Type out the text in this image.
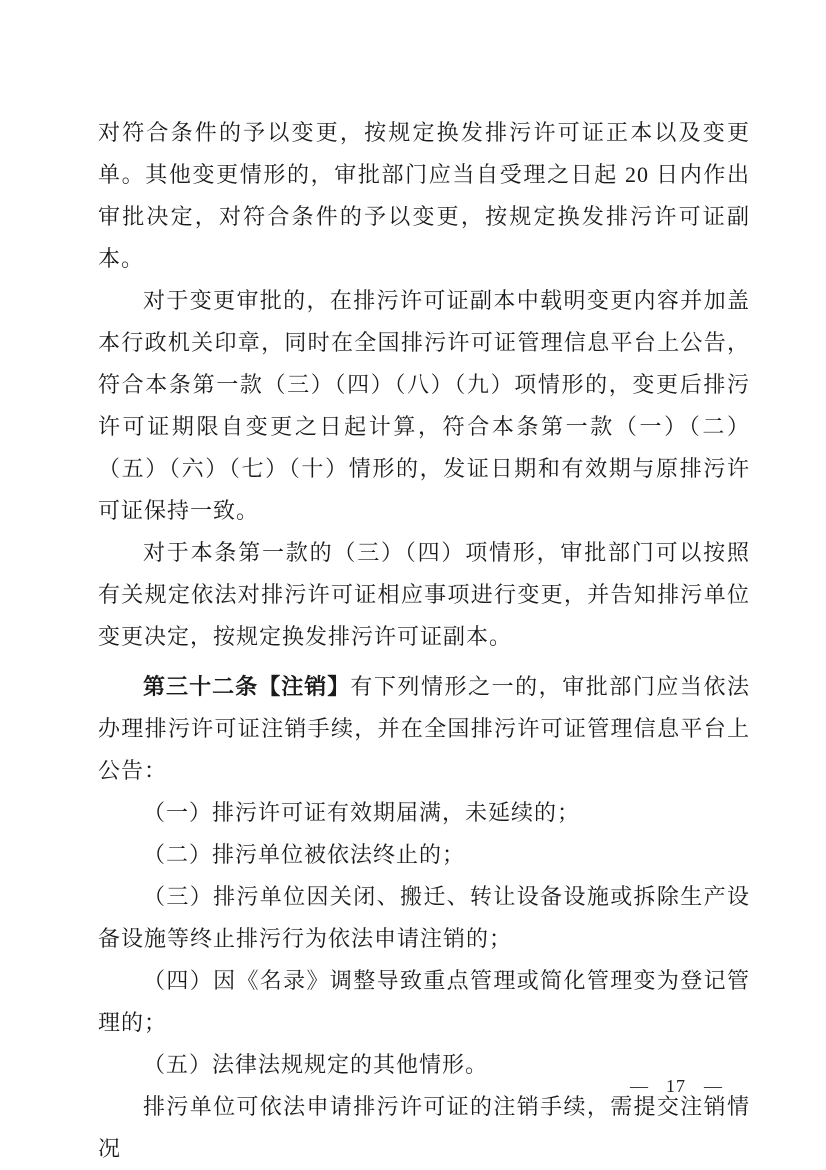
对符合条件的予以变更，按规定换发排污许可证正本以及变更单。其他变更情形的，审批部门应当自受理之日起 20 日内作出审批决定，对符合条件的予以变更，按规定换发排污许可证副本。

对于变更审批的，在排污许可证副本中载明变更内容并加盖本行政机关印章，同时在全国排污许可证管理信息平台上公告，符合本条第一款（三）（四）（八）（九）项情形的，变更后排污许可证期限自变更之日起计算，符合本条第一款（一）（二）（五）（六）（七）（十）情形的，发证日期和有效期与原排污许可证保持一致。

对于本条第一款的（三）（四）项情形，审批部门可以按照有关规定依法对排污许可证相应事项进行变更，并告知排污单位变更决定，按规定换发排污许可证副本。

第三十二条【注销】有下列情形之一的，审批部门应当依法办理排污许可证注销手续，并在全国排污许可证管理信息平台上公告：

（一）排污许可证有效期届满，未延续的；

（二）排污单位被依法终止的；

（三）排污单位因关闭、搬迁、转让设备设施或拆除生产设备设施等终止排污行为依法申请注销的；

（四）因《名录》调整导致重点管理或简化管理变为登记管理的；

（五）法律法规规定的其他情形。

排污单位可依法申请排污许可证的注销手续，需提交注销情况

— 17 —
